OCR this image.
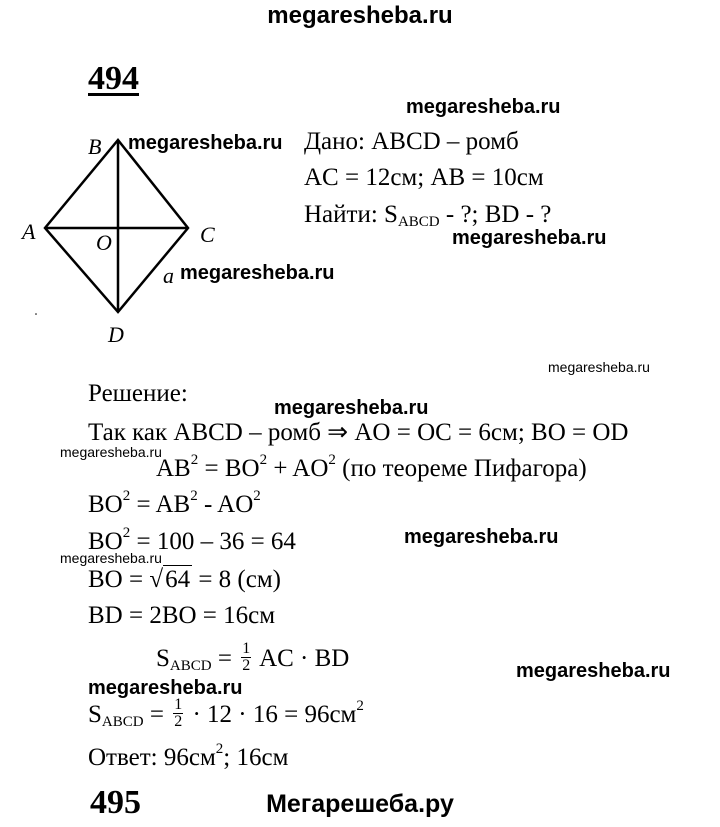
megaresheba.ru
megaresheba.ru
megaresheba.ru
megaresheba.ru
megaresheba.ru
megaresheba.ru
megaresheba.ru
megaresheba.ru
megaresheba.ru
megaresheba.ru
megaresheba.ru
megaresheba.ru
Мегарешеба.ру
494
B
A	O	C
a
D
Дано: ABCD – ромб
AC = 12см; AB = 10см
Найти: SABCD - ?; BD - ?
Решение:
Так как ABCD – ромб ⇒ AO = OC = 6см; BO = OD
$AB^2 = BO^2 + AO^2$ (по теореме Пифагора)
$BO^2 = AB^2 - AO^2$
$BO^2 = 100 - 36 = 64$
BO = √64 = 8 (см)
BD = 2BO = 16см
SABCD = $\frac{1}{2}$ AC · BD
SABCD = $\frac{1}{2} \cdot 12 \cdot 16 = 96см^2$
Ответ: $96см^2$; 16см
495
